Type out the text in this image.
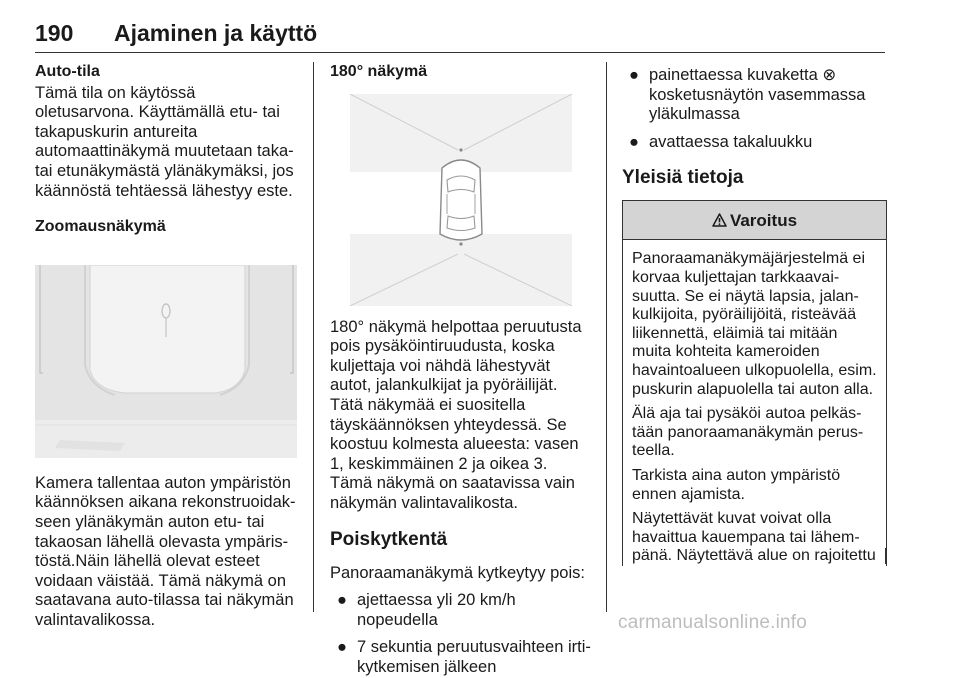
190 Ajaminen ja käyttö

Auto-tila

Tämä tila on käytössä oletusarvona. Käyttämällä etu- tai takapuskurin antureita automaattinäkymä muutetaan taka- tai etunäkymästä ylänäkymäksi, jos käännöstä tehtäessä lähestyy este.

Zoomausnäkymä

Kamera tallentaa auton ympäristön käännöksen aikana rekonstruoidakseen ylänäkymän auton etu- tai takaosan lähellä olevasta ympäristöstä.Näin lähellä olevat esteet voidaan väistää. Tämä näkymä on saatavana auto-tilassa tai näkymän valintavalikossa.

180° näkymä

180° näkymä helpottaa peruutusta pois pysäköintiruudusta, koska kuljettaja voi nähdä lähestyvät autot, jalankulkijat ja pyöräilijät. Tätä näkymää ei suositella täyskäännöksen yhteydessä. Se koostuu kolmesta alueesta: vasen 1, keskimmäinen 2 ja oikea 3. Tämä näkymä on saatavissa vain näkymän valintavalikosta.

Poiskytkentä

Panoraamanäkymä kytkeytyy pois:

● ajettaessa yli 20 km/h nopeudella
● 7 sekuntia peruutusvaihteen irtikytkemisen jälkeen
● painettaessa kuvaketta ⊗ kosketusnäytön vasemmassa yläkulmassa
● avattaessa takaluukku

Yleisiä tietoja

Varoitus

Panoraamanäkymäjärjestelmä ei korvaa kuljettajan tarkkaavaisuutta. Se ei näytä lapsia, jalankulkijoita, pyöräilijöitä, risteävää liikennettä, eläimiä tai mitään muita kohteita kameroiden havaintoalueen ulkopuolella, esim. puskurin alapuolella tai auton alla.

Älä aja tai pysäköi autoa pelkästään panoraamanäkymän perusteella.

Tarkista aina auton ympäristö ennen ajamista.

Näytettävät kuvat voivat olla havaittua kauempana tai lähempänä. Näytettävä alue on rajoitettu

carmanualsonline.info
